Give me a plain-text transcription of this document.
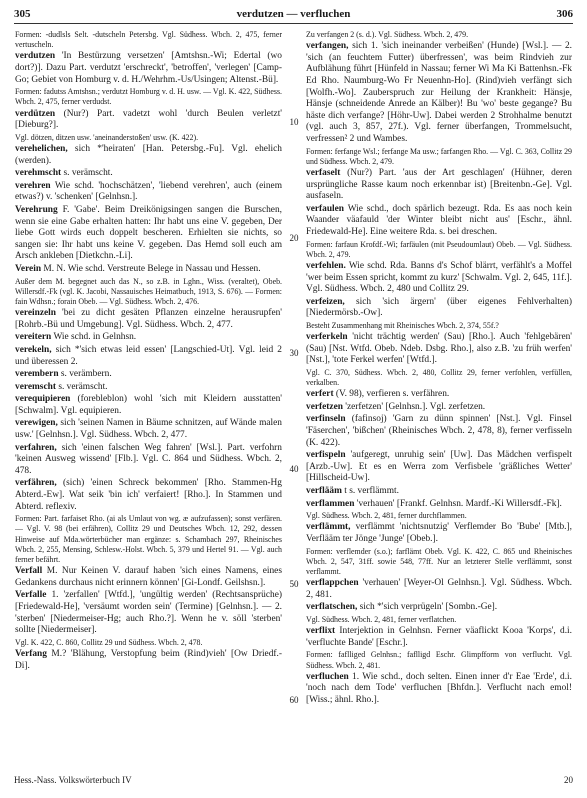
305	verdutzen — verfluchen	306

Formen: -dudlsls Selt. -dutscheln Petersbg. Vgl. Südhess. Wbch. 2, 475, ferner vertuscheln.

verdutzen 'In Bestürzung versetzen' [Amtshsn.-Wi; Edertal (wo dort?)]. Dazu Part. verdutzt 'erschreckt', 'betroffen', 'verlegen' [Camp-Go; Gebiet von Homburg v. d. H./Wehrhm.-Us/Usingen; Altenst.-Bü].

Formen: fadutss Amtshsn.; verdutzt Homburg v. d. H. usw. — Vgl. K. 422, Südhess. Wbch. 2, 475, ferner verdudst.

verdützen (Nur?) Part. vadetzt wohl 'durch Beulen verletzt' [Dieburg?].

Vgl. dötzen, ditzen usw. 'aneinanderstoßen' usw. (K. 422).

verehelichen, sich *'heiraten' [Han. Petersbg.-Fu]. Vgl. ehelich (werden).

verehmscht s. verämscht.

verehren Wie schd. 'hochschätzen', 'liebend verehren', auch (einem etwas?) v. 'schenken' [Gelnhsn.].

Verehrung F. 'Gabe'. Beim Dreikönigsingen sangen die Burschen, wenn sie eine Gabe erhalten hatten: Ihr habt uns eine V. gegeben, Der liebe Gott wirds euch doppelt bescheren. Erhielten sie nichts, so sangen sie: Ihr habt uns keine V. gegeben. Das Hemd soll euch am Arsch ankleben [Dietkchn.-Li].

Verein M. N. Wie schd. Verstreute Belege in Nassau und Hessen.

Außer dem M. begegnet auch das N., so z.B. in Lghn., Wiss. (veraltet), Obeb. Willersdf.-Fk (vgl. K. Jacobi, Nassauisches Heimatbuch, 1913, S. 676). — Formen: fain Wdhsn.; forain Obeb. — Vgl. Südhess. Wbch. 2, 476.

vereinzeln 'bei zu dicht gesäten Pflanzen einzelne herausrupfen' [Rohrb.-Bü und Umgebung]. Vgl. Südhess. Wbch. 2, 477.

vereitern Wie schd. in Gelnhsn.

verekeln, sich *'sich etwas leid essen' [Langschied-Ut]. Vgl. leid 2 und überessen 2.

verembern s. verämbern.

veremscht s. verämscht.

verequipieren (forebleblon) wohl 'sich mit Kleidern ausstatten' [Schwalm]. Vgl. equipieren.

verewigen, sich 'seinen Namen in Bäume schnitzen, auf Wände malen usw.' [Gelnhsn.]. Vgl. Südhess. Wbch. 2, 477.

verfahren, sich 'einen falschen Weg fahren' [Wsl.]. Part. verfohrn 'keinen Ausweg wissend' [Flb.]. Vgl. C. 864 und Südhess. Wbch. 2, 478.

verfähren, (sich) 'einen Schreck bekommen' [Rho. Stammen-Hg Abterd.-Ew]. Wat seik 'bin ich' verfaiert! [Rho.]. In Stammen und Abterd. reflexiv.

Formen: Part. farfaiset Rho. (ai als Umlaut von wg. æ aufzufassen); sonst verfären. — Vgl. V. 98 (bei erfähren), Collitz 29 und Deutsches Wbch. 12, 292, dessen Hinweise auf Mda.wörterbücher man ergänze: s. Schambach 297, Rheinisches Wbch. 2, 255, Mensing, Schlesw.-Holst. Wbch. 5, 379 und Hertel 91. — Vgl. auch ferner befährt.

Verfall M. Nur Keinen V. darauf haben 'sich eines Namens, eines Gedankens durchaus nicht erinnern können' [Gi-Londf. Geilshsn.].

Verfalle 1. 'zerfallen' [Wtfd.], 'ungültig werden' (Rechtsansprüche) [Friedewald-He], 'versäumt worden sein' (Termine) [Gelnhsn.]. — 2. 'sterben' [Niedermeiser-Hg; auch Rho.?]. Wenn he v. söll 'sterben' sollte [Niedermeiser].

Vgl. K. 422, C. 860, Collitz 29 und Südhess. Wbch. 2, 478.

Verfang M.? 'Blähung, Verstopfung beim (Rind)vieh' [Ow Driedf.-Di].

Zu verfangen 2 (s. d.). Vgl. Südhess. Wbch. 2, 479.

verfangen, sich 1. 'sich ineinander verbeißen' (Hunde) [Wsl.]. — 2. 'sich (an feuchtem Futter) überfressen', was beim Rindvieh zur Aufblähung führt [Hünfeld in Nassau; ferner Wi Ma Ki Battenhsn.-Fk Ed Rho. Naumburg-Wo Fr Neuenhn-Ho]. (Rind)vieh verfängt sich [Wolfh.-Wo]. Zauberspruch zur Heilung der Krankheit: Hänsje, Hänsje (schneidende Anrede an Kälber)! Bu 'wo' beste gegange? Bu häste dich verfange? [Höhr-Uw]. Dabei werden 2 Strohhalme benutzt (vgl. auch 3, 857, 27f.). Vgl. ferner überfangen, Trommelsucht, verfressen² 2 und Wambes.

Formen: ferfange Wsl.; ferfange Ma usw.; farfangen Rho. — Vgl. C. 363, Collitz 29 und Südhess. Wbch. 2, 479.

verfaselt (Nur?) Part. 'aus der Art geschlagen' (Hühner, deren ursprüngliche Rasse kaum noch erkennbar ist) [Breitenbn.-Ge]. Vgl. ausfaseln.

verfaulen Wie schd., doch spärlich bezeugt. Rda. Es aas noch kein Waander väafauld 'der Winter bleibt nicht aus' [Eschr., ähnl. Friedewald-He]. Eine weitere Rda. s. bei dreschen.

Formen: farfaun Krofdf.-Wi; farfäulen (mit Pseudoumlaut) Obeb. — Vgl. Südhess. Wbch. 2, 479.

verfehlen. Wie schd. Rda. Banns d's Schof blärrt, verfählt's a Moffel 'wer beim Essen spricht, kommt zu kurz' [Schwalm. Vgl. 2, 645, 11f.]. Vgl. Südhess. Wbch. 2, 480 und Collitz 29.

verfeizen, sich 'sich ärgern' (über eigenes Fehlverhalten) [Niedermörsb.-Ow].

Besteht Zusammenhang mit Rheinisches Wbch. 2, 374, 55f.?

verferkeln 'nicht trächtig werden' (Sau) [Rho.]. Auch 'fehlgebären' (Sau) [Nst. Wtfd. Obeb. Ndeb. Dsbg. Rho.], also z.B. 'zu früh werfen' [Nst.], 'tote Ferkel werfen' [Wtfd.].

Vgl. C. 370, Südhess. Wbch. 2, 480, Collitz 29, ferner verfohlen, verfüllen, verkalben.

verfert (V. 98), verfieren s. verfähren.

verfetzen 'zerfetzen' [Gelnhsn.]. Vgl. zerfetzen.

verfinseln (fafinsoj) 'Garn zu dünn spinnen' [Nst.]. Vgl. Finsel 'Fäserchen', 'bißchen' (Rheinisches Wbch. 2, 478, 8), ferner verfisseln (K. 422).

verfispeln 'aufgeregt, unruhig sein' [Uw]. Das Mädchen verfispelt [Arzb.-Uw]. Et es en Werra zom Verfisbele 'gräßliches Wetter' [Hillscheid-Uw].

verflääm t s. verflämmt.

verflammen 'verhauen' [Frankf. Gelnhsn. Mardf.-Ki Willersdf.-Fk].

Vgl. Südhess. Wbch. 2, 481, ferner durchflammen.

verflämmt, verflämmt 'nichtsnutzig' Verflemder Bo 'Bube' [Mtb.], Verflääm ter Jönge 'Junge' [Obeb.].

Formen: verflemder (s.o.); farflämt Obeb. Vgl. K. 422, C. 865 und Rheinisches Wbch. 2, 547, 31ff. sowie 548, 77ff. Nur an letzterer Stelle verflämmt, sonst verflammt.

verflappchen 'verhauen' [Weyer-Ol Gelnhsn.]. Vgl. Südhess. Wbch. 2, 481.

verflatschen, sich *'sich verprügeln' [Sombn.-Ge].

Vgl. Südhess. Wbch. 2, 481, ferner verflatchen.

verflixt Interjektion in Gelnhsn. Ferner väaflickt Kooa 'Korps', d.i. 'verfluchte Bande' [Eschr.].

Formen: faflliged Gelnhsn.; faflligd Eschr. Glimpfform von verflucht. Vgl. Südhess. Wbch. 2, 481.

verfluchen 1. Wie schd., doch selten. Einen inner d'r Eae 'Erde', d.i. 'noch nach dem Tode' verfluchen [Bhfdn.]. Verflucht nach emol! [Wiss.; ähnl. Rho.].

10
20
30
40
50
60
Hess.-Nass. Volkswörterbuch IV	20
